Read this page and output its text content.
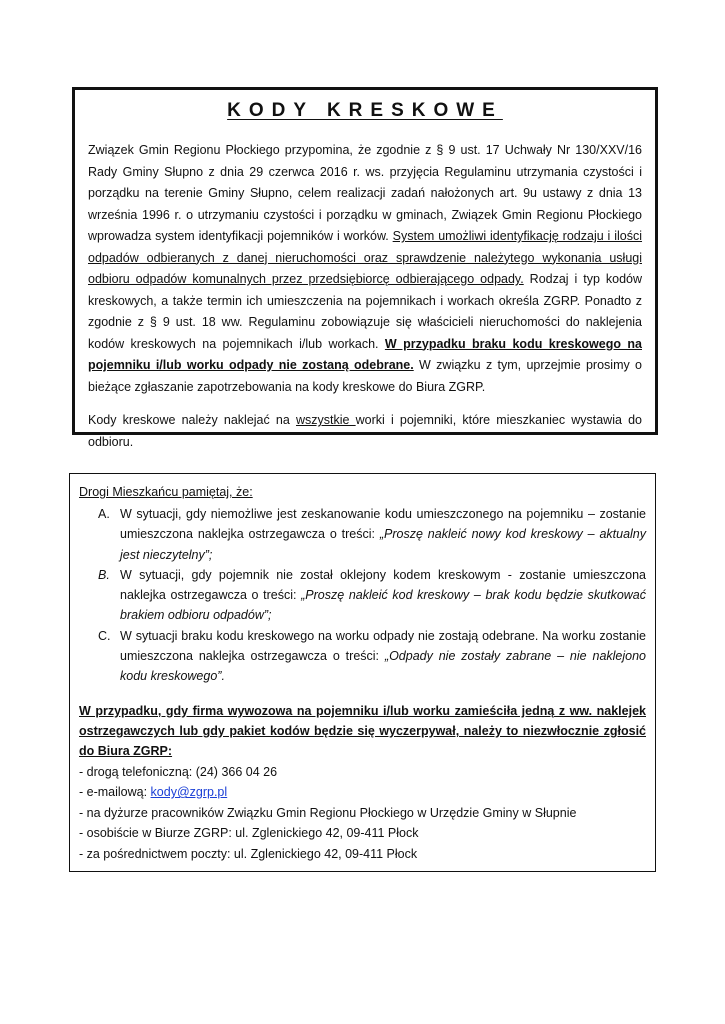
KODY KRESKOWE

Związek Gmin Regionu Płockiego przypomina, że zgodnie z § 9 ust. 17 Uchwały Nr 130/XXV/16 Rady Gminy Słupno z dnia 29 czerwca 2016 r. ws. przyjęcia Regulaminu utrzymania czystości i porządku na terenie Gminy Słupno, celem realizacji zadań nałożonych art. 9u ustawy z dnia 13 września 1996 r. o utrzymaniu czystości i porządku w gminach, Związek Gmin Regionu Płockiego wprowadza system identyfikacji pojemników i worków. System umożliwi identyfikację rodzaju i ilości odpadów odbieranych z danej nieruchomości oraz sprawdzenie należytego wykonania usługi odbioru odpadów komunalnych przez przedsiębiorcę odbierającego odpady. Rodzaj i typ kodów kreskowych, a także termin ich umieszczenia na pojemnikach i workach określa ZGRP. Ponadto z zgodnie z § 9 ust. 18 ww. Regulaminu zobowiązuje się właścicieli nieruchomości do naklejenia kodów kreskowych na pojemnikach i/lub workach. W przypadku braku kodu kreskowego na pojemniku i/lub worku odpady nie zostaną odebrane. W związku z tym, uprzejmie prosimy o bieżące zgłaszanie zapotrzebowania na kody kreskowe do Biura ZGRP.

Kody kreskowe należy naklejać na wszystkie worki i pojemniki, które mieszkaniec wystawia do odbioru.

Drogi Mieszkańcu pamiętaj, że:
A. W sytuacji, gdy niemożliwe jest zeskanowanie kodu umieszczonego na pojemniku – zostanie umieszczona naklejka ostrzegawcza o treści: „Proszę nakleić nowy kod kreskowy – aktualny jest nieczytelny”;
B. W sytuacji, gdy pojemnik nie został oklejony kodem kreskowym - zostanie umieszczona naklejka ostrzegawcza o treści: „Proszę nakleić kod kreskowy – brak kodu będzie skutkować brakiem odbioru odpadów”;
C. W sytuacji braku kodu kreskowego na worku odpady nie zostają odebrane. Na worku zostanie umieszczona naklejka ostrzegawcza o treści: „Odpady nie zostały zabrane – nie naklejono kodu kreskowego”.
W przypadku, gdy firma wywozowa na pojemniku i/lub worku zamieściła jedną z ww. naklejek ostrzegawczych lub gdy pakiet kodów będzie się wyczerpywał, należy to niezwłocznie zgłosić do Biura ZGRP:
- drogą telefoniczną: (24) 366 04 26
- e-mailową: kody@zgrp.pl
- na dyżurze pracowników Związku Gmin Regionu Płockiego w Urzędzie Gminy w Słupnie
- osobiście w Biurze ZGRP: ul. Zglenickiego 42, 09-411 Płock
- za pośrednictwem poczty: ul. Zglenickiego 42, 09-411 Płock
